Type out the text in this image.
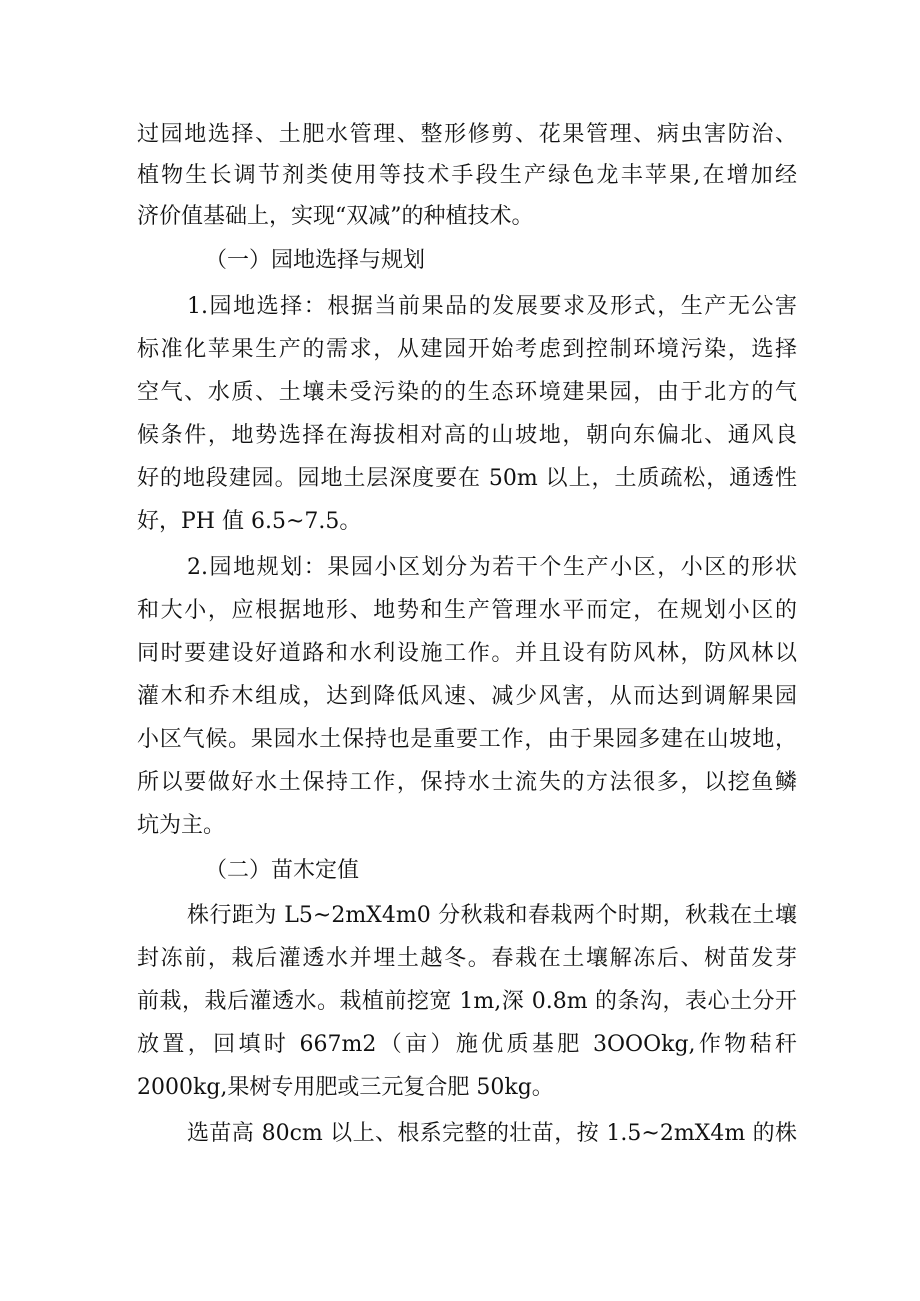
过园地选择、土肥水管理、整形修剪、花果管理、病虫害防治、
植物生长调节剂类使用等技术手段生产绿色龙丰苹果,在增加经
济价值基础上，实现“双减”的种植技术。
（一）园地选择与规划
1.园地选择：根据当前果品的发展要求及形式，生产无公害
标准化苹果生产的需求，从建园开始考虑到控制环境污染，选择
空气、水质、土壤未受污染的的生态环境建果园，由于北方的气
候条件，地势选择在海拔相对高的山坡地，朝向东偏北、通风良
好的地段建园。园地土层深度要在 50m 以上，土质疏松，通透性
好，PH 值 6.5~7.5。
2.园地规划：果园小区划分为若干个生产小区，小区的形状
和大小，应根据地形、地势和生产管理水平而定，在规划小区的
同时要建设好道路和水利设施工作。并且设有防风林，防风林以
灌木和乔木组成，达到降低风速、减少风害，从而达到调解果园
小区气候。果园水土保持也是重要工作，由于果园多建在山坡地，
所以要做好水土保持工作，保持水士流失的方法很多，以挖鱼鳞
坑为主。
（二）苗木定值
株行距为 L5~2mX4m0 分秋栽和春栽两个时期，秋栽在土壤
封冻前，栽后灌透水并埋土越冬。春栽在土壤解冻后、树苗发芽
前栽，栽后灌透水。栽植前挖宽 1m,深 0.8m 的条沟，表心土分开
放置，回填时 667m2（亩）施优质基肥 3OOOkg,作物秸秆
2000kg,果树专用肥或三元复合肥 50kg。
选苗高 80cm 以上、根系完整的壮苗，按 1.5~2mX4m 的株
